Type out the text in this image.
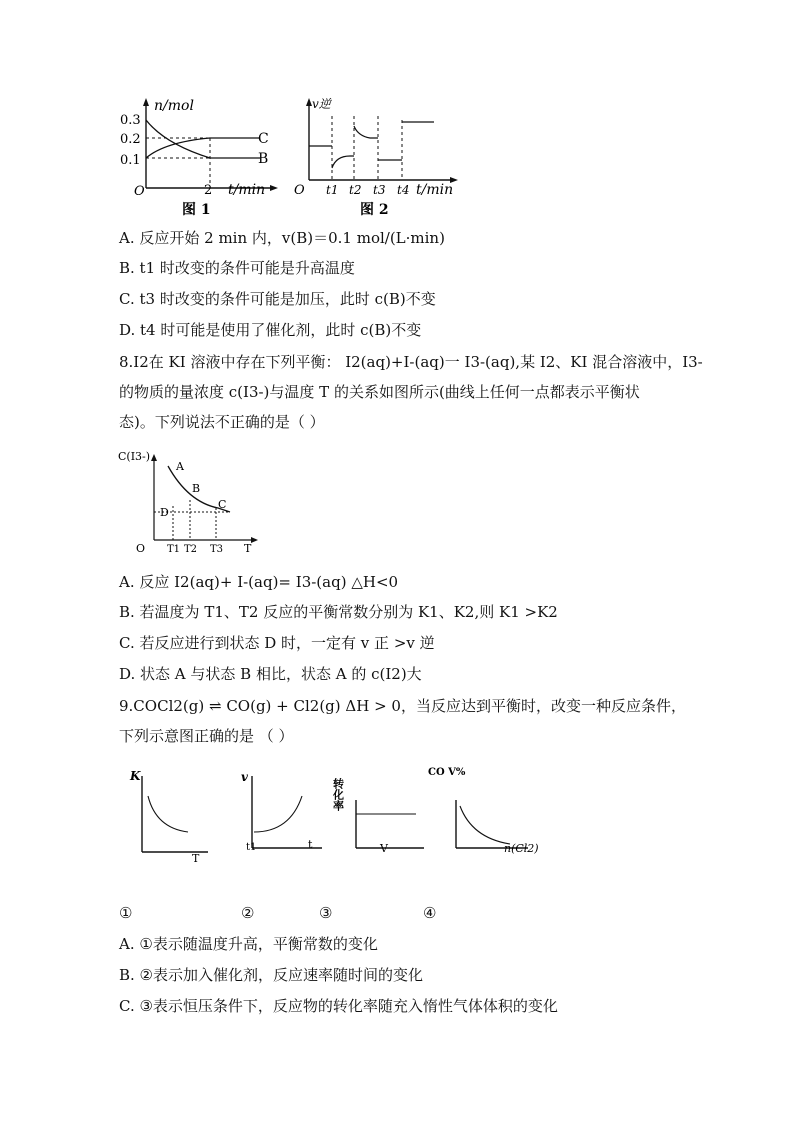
n/mol
0.3
0.2
0.1
O	2 t/min
C
B
图 1
v逆
O t1 t2 t3 t4 t/min
图 2
A. 反应开始 2 min 内，v(B)＝0.1 mol/(L·min)
B. t1 时改变的条件可能是升高温度
C. t3 时改变的条件可能是加压，此时 c(B)不变
D. t4 时可能是使用了催化剂，此时 c(B)不变
8.I2在 KI 溶液中存在下列平衡： I2(aq)+I-(aq)一 I3-(aq),某 I2、KI 混合溶液中，I3-
的物质的量浓度 c(I3-)与温度 T 的关系如图所示(曲线上任何一点都表示平衡状
态)。下列说法不正确的是（ ）
C(I3-)
O	T
A
B
C
D
T1 T2 T3
A. 反应 I2(aq)+ I-(aq)= I3-(aq) △H<0
B. 若温度为 T1、T2 反应的平衡常数分别为 K1、K2,则 K1 >K2
C. 若反应进行到状态 D 时，一定有 v 正 >v 逆
D. 状态 A 与状态 B 相比，状态 A 的 c(I2)大
9.COCl2(g) ⇌ CO(g) + Cl2(g) ΔH > 0，当反应达到平衡时，改变一种反应条件，
下列示意图正确的是 （ ）
K
T
v
t1	t
转化率
V
CO V%
n(Cl2)
①	②	③	④
A. ①表示随温度升高，平衡常数的变化
B. ②表示加入催化剂，反应速率随时间的变化
C. ③表示恒压条件下，反应物的转化率随充入惰性气体体积的变化
